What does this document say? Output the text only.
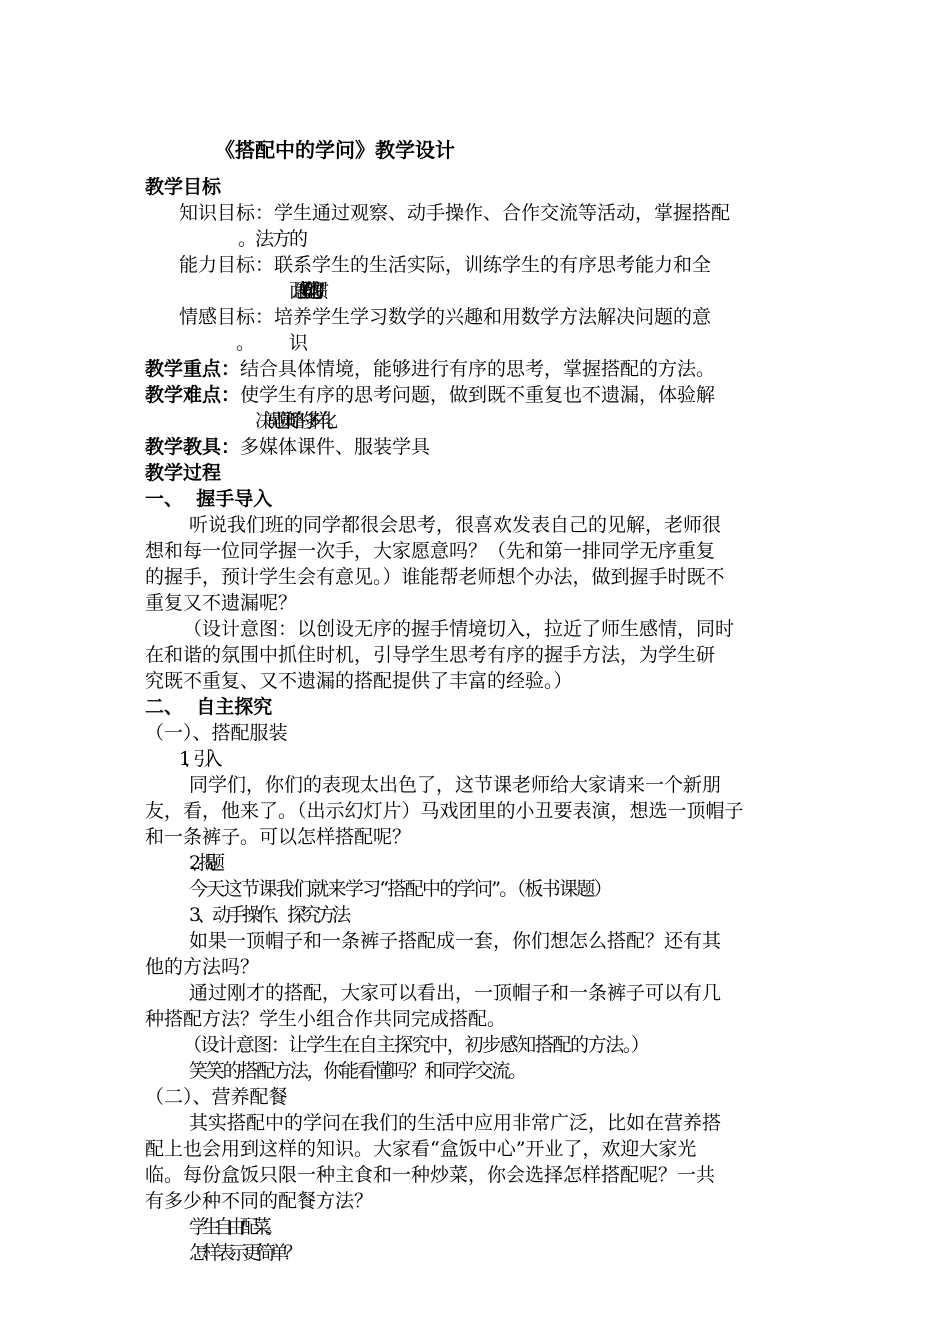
《搭配中的学问》教学设计
教学目标
知识目标：学生通过观察、动手操作、合作交流等活动，掌握搭配
能力目标：联系学生的生活实际，训练学生的有序思考能力和全
面思考问题的习惯。
情感目标：培养学生学习数学的兴趣和用数学方法解决问题的意
教学重点：结合具体情境，能够进行有序的思考，掌握搭配的方法。
教学难点：使学生有序的思考问题，做到既不重复也不遗漏，体验解
决问题策略的多样化。
教学教具：多媒体课件、服装学具
教学过程
一、  握手导入
听说我们班的同学都很会思考，很喜欢发表自己的见解，老师很
想和每一位同学握一次手，大家愿意吗？（先和第一排同学无序重复
的握手，预计学生会有意见。）谁能帮老师想个办法，做到握手时既不
重复又不遗漏呢？
（设计意图：以创设无序的握手情境切入，拉近了师生感情，同时
在和谐的氛围中抓住时机，引导学生思考有序的握手方法，为学生研
究既不重复、又不遗漏的搭配提供了丰富的经验。）
二、  自主探究
（一）、搭配服装
1、引入
同学们，你们的表现太出色了，这节课老师给大家请来一个新朋
友，看，他来了。（出示幻灯片）马戏团里的小丑要表演，想选一顶帽子
和一条裤子。可以怎样搭配呢？
2、揭题
今天这节课我们就来学习“搭配中的学问”。（板书课题）
3、动手操作、探究方法
如果一顶帽子和一条裤子搭配成一套，你们想怎么搭配？还有其
他的方法吗？
通过刚才的搭配，大家可以看出，一顶帽子和一条裤子可以有几
种搭配方法？学生小组合作共同完成搭配。
（设计意图：让学生在自主探究中，初步感知搭配的方法。）
笑笑的搭配方法，你能看懂吗？和同学交流。
（二）、营养配餐
其实搭配中的学问在我们的生活中应用非常广泛，比如在营养搭
配上也会用到这样的知识。大家看“盒饭中心”开业了，欢迎大家光
临。每份盒饭只限一种主食和一种炒菜，你会选择怎样搭配呢？一共
有多少种不同的配餐方法？
学生自由配菜。
怎样表示更简单？
